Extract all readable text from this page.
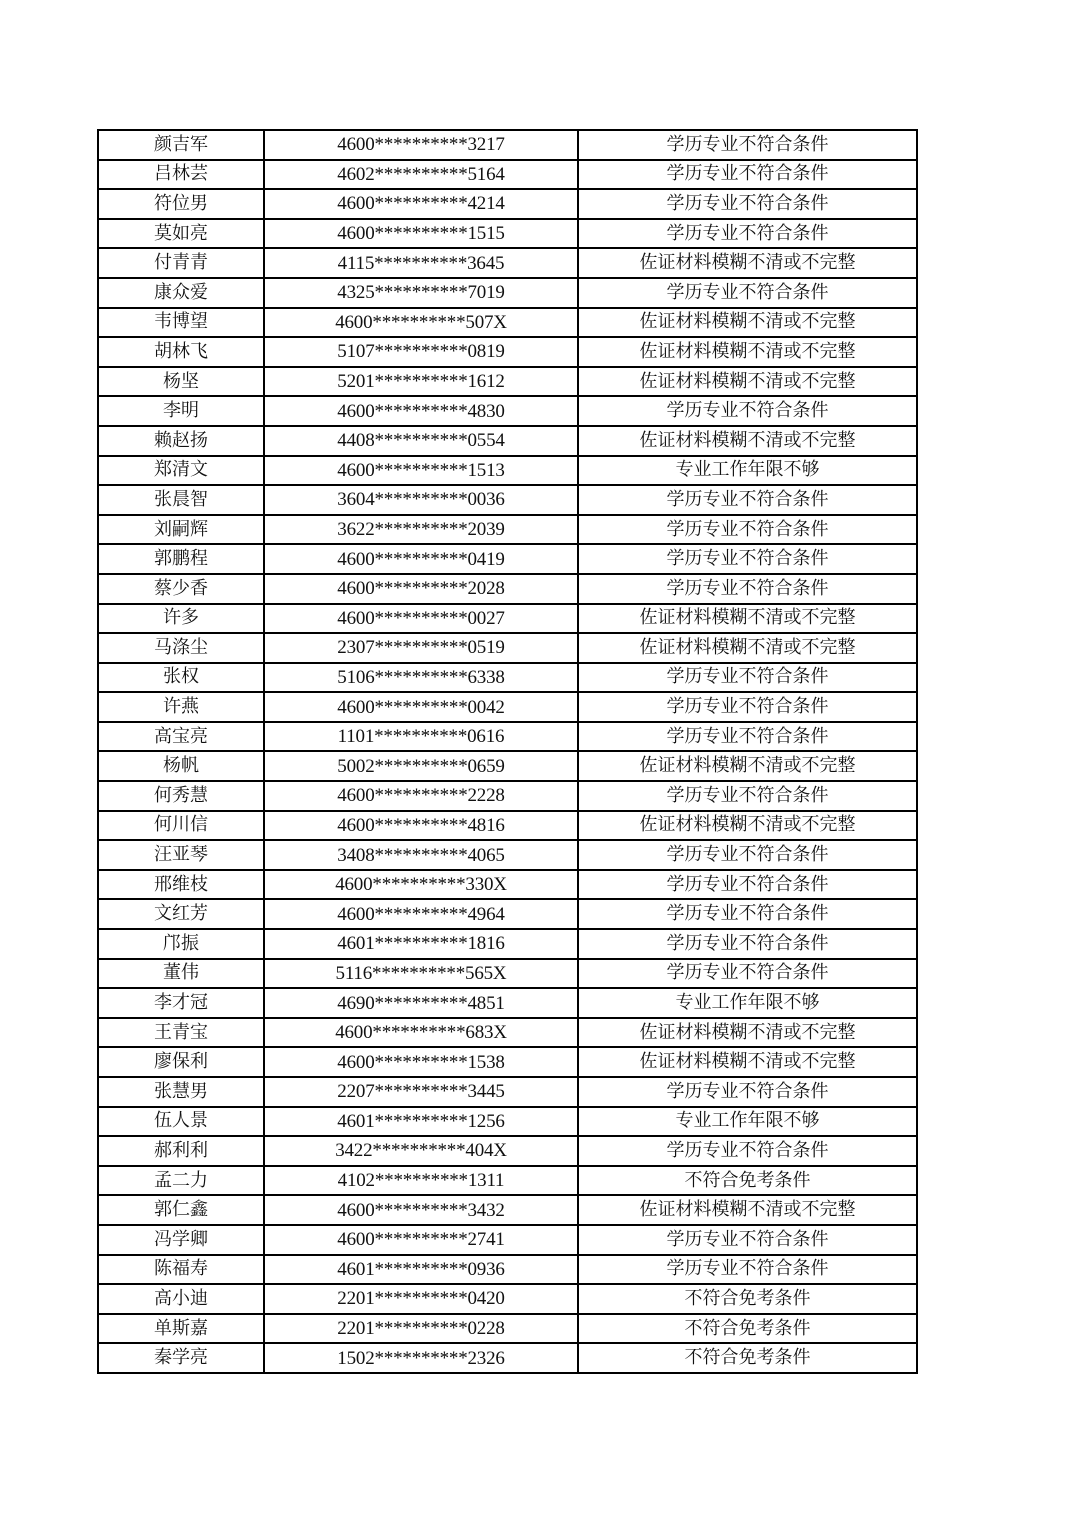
颜吉军	4600**********3217	学历专业不符合条件
吕林芸	4602**********5164	学历专业不符合条件
符位男	4600**********4214	学历专业不符合条件
莫如亮	4600**********1515	学历专业不符合条件
付青青	4115**********3645	佐证材料模糊不清或不完整
康众爱	4325**********7019	学历专业不符合条件
韦博望	4600**********507X	佐证材料模糊不清或不完整
胡林飞	5107**********0819	佐证材料模糊不清或不完整
杨坚	5201**********1612	佐证材料模糊不清或不完整
李明	4600**********4830	学历专业不符合条件
赖赵扬	4408**********0554	佐证材料模糊不清或不完整
郑清文	4600**********1513	专业工作年限不够
张晨智	3604**********0036	学历专业不符合条件
刘嗣辉	3622**********2039	学历专业不符合条件
郭鹏程	4600**********0419	学历专业不符合条件
蔡少香	4600**********2028	学历专业不符合条件
许多	4600**********0027	佐证材料模糊不清或不完整
马涤尘	2307**********0519	佐证材料模糊不清或不完整
张权	5106**********6338	学历专业不符合条件
许燕	4600**********0042	学历专业不符合条件
高宝亮	1101**********0616	学历专业不符合条件
杨帆	5002**********0659	佐证材料模糊不清或不完整
何秀慧	4600**********2228	学历专业不符合条件
何川信	4600**********4816	佐证材料模糊不清或不完整
汪亚琴	3408**********4065	学历专业不符合条件
邢维枝	4600**********330X	学历专业不符合条件
文红芳	4600**********4964	学历专业不符合条件
邝振	4601**********1816	学历专业不符合条件
董伟	5116**********565X	学历专业不符合条件
李才冠	4690**********4851	专业工作年限不够
王青宝	4600**********683X	佐证材料模糊不清或不完整
廖保利	4600**********1538	佐证材料模糊不清或不完整
张慧男	2207**********3445	学历专业不符合条件
伍人景	4601**********1256	专业工作年限不够
郝利利	3422**********404X	学历专业不符合条件
孟二力	4102**********1311	不符合免考条件
郭仁鑫	4600**********3432	佐证材料模糊不清或不完整
冯学卿	4600**********2741	学历专业不符合条件
陈福寿	4601**********0936	学历专业不符合条件
高小迪	2201**********0420	不符合免考条件
单斯嘉	2201**********0228	不符合免考条件
秦学亮	1502**********2326	不符合免考条件
